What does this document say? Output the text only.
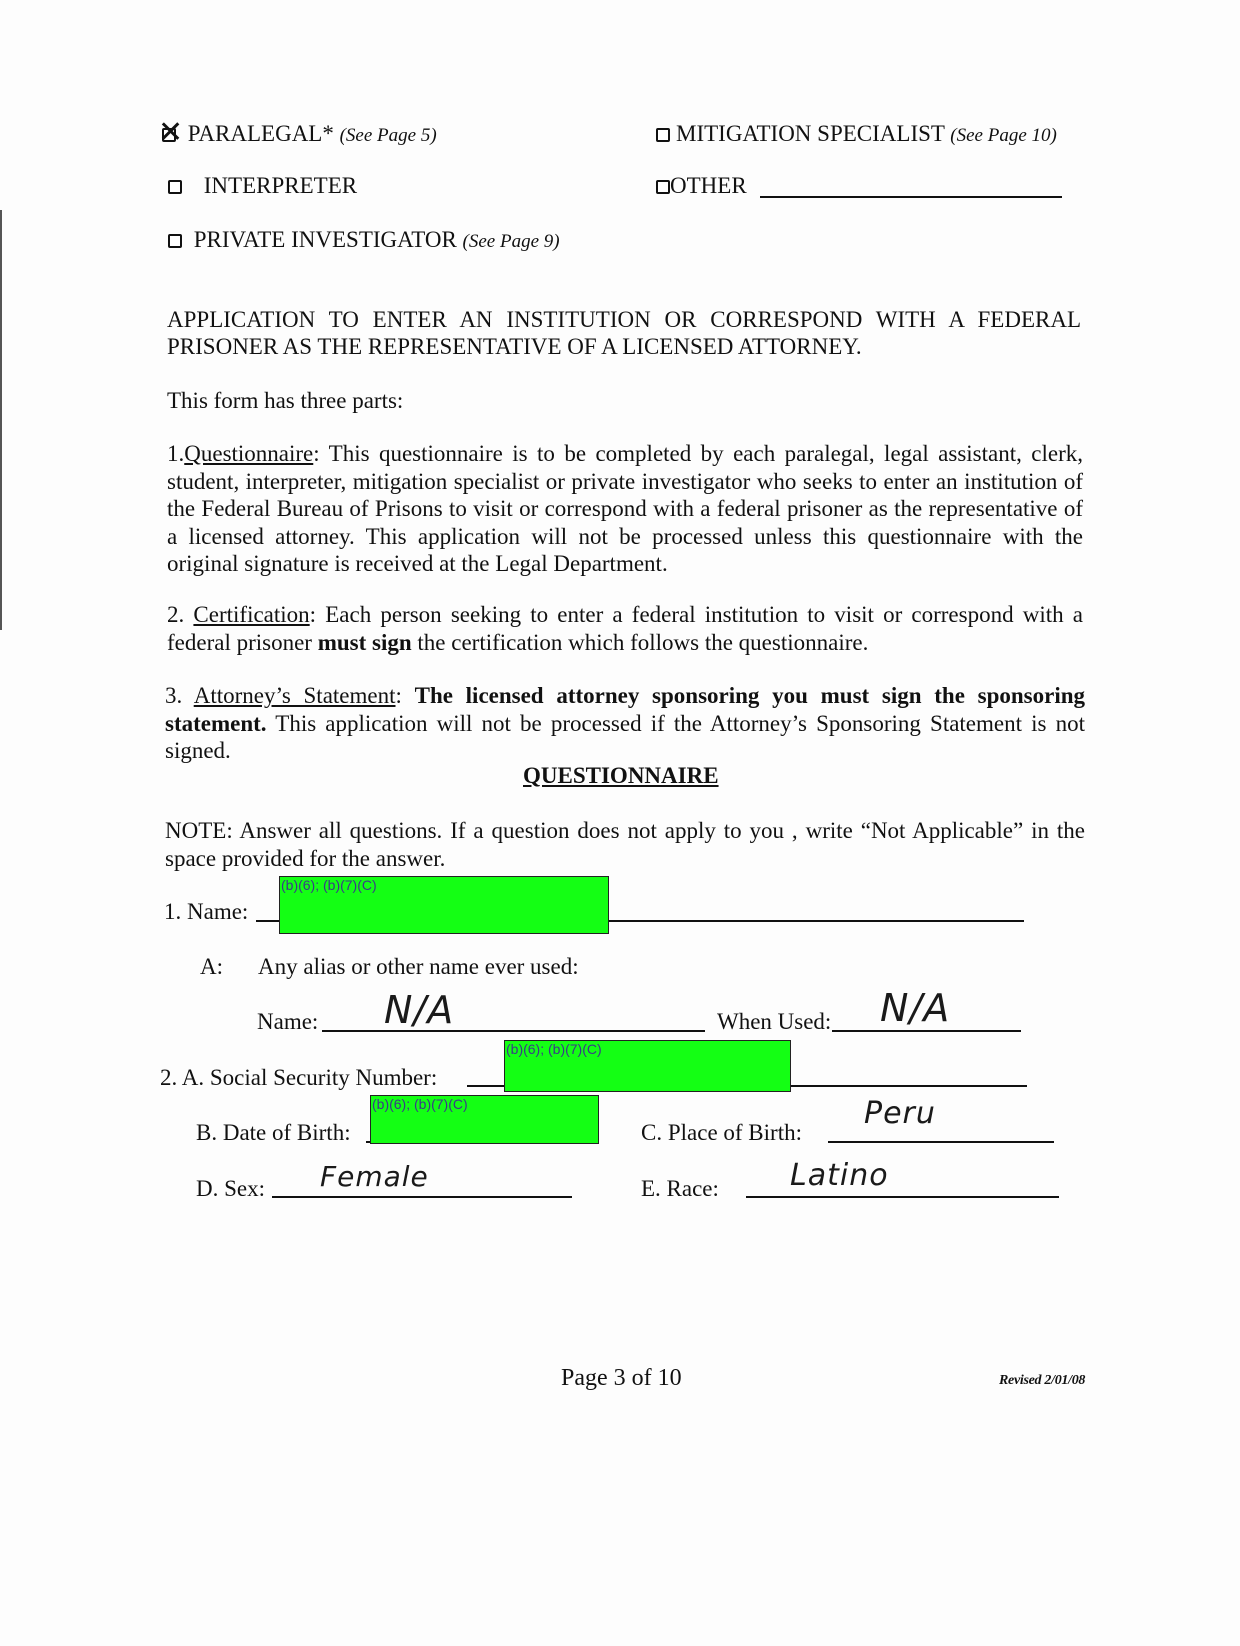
PARALEGAL* (See Page 5)
✕	MITIGATION SPECIALIST (See Page 10)
INTERPRETER	OTHER
PRIVATE INVESTIGATOR (See Page 9)
APPLICATION TO ENTER AN INSTITUTION OR CORRESPOND WITH A FEDERAL
PRISONER AS THE REPRESENTATIVE OF A LICENSED ATTORNEY.
This form has three parts:
1.Questionnaire: This questionnaire is to be completed by each paralegal, legal assistant, clerk, student, interpreter, mitigation specialist or private investigator who seeks to enter an institution of the Federal Bureau of Prisons to visit or correspond with a federal prisoner as the representative of a licensed attorney. This application will not be processed unless this questionnaire with the original signature is received at the Legal Department.
2. Certification: Each person seeking to enter a federal institution to visit or correspond with a federal prisoner must sign the certification which follows the questionnaire.
3. Attorney’s Statement: The licensed attorney sponsoring you must sign the sponsoring statement. This application will not be processed if the Attorney’s Sponsoring Statement is not signed.
QUESTIONNAIRE
NOTE: Answer all questions. If a question does not apply to you , write “Not Applicable” in the space provided for the answer.
1. Name:
(b)(6); (b)(7)(C)
A: Any alias or other name ever used:
Name: N/A	When Used: N/A
2. A. Social Security Number:
(b)(6); (b)(7)(C)
B. Date of Birth:
(b)(6); (b)(7)(C)
C. Place of Birth:
Peru
D. Sex: Female	E. Race: Latino
Page 3 of 10	Revised 2/01/08
